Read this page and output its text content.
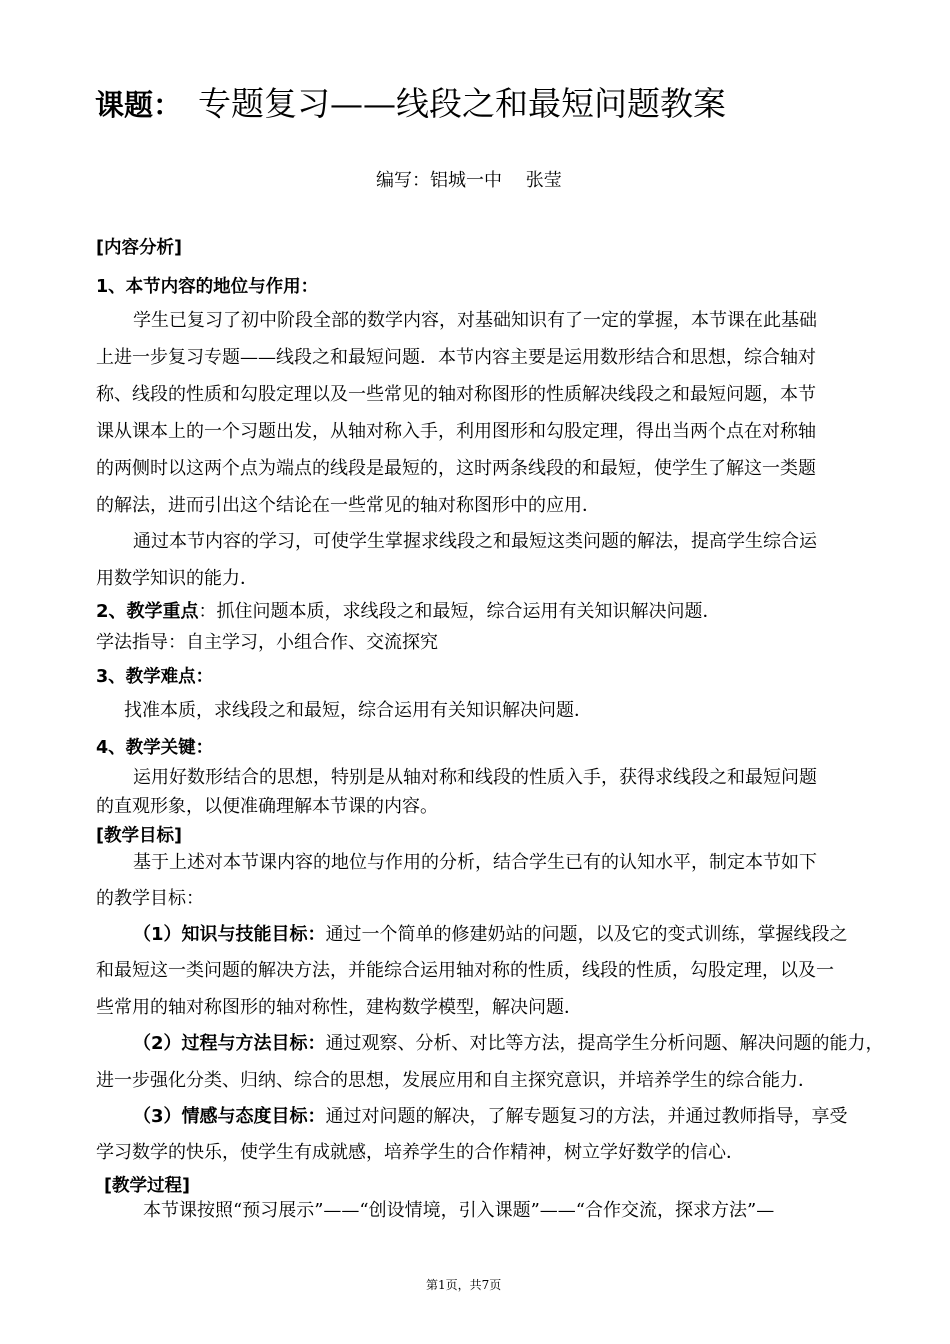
课题： 专题复习——线段之和最短问题教案
编写：铝城一中　 张莹
[内容分析]
1、本节内容的地位与作用：
学生已复习了初中阶段全部的数学内容，对基础知识有了一定的掌握，本节课在此基础
上进一步复习专题——线段之和最短问题．本节内容主要是运用数形结合和思想，综合轴对
称、线段的性质和勾股定理以及一些常见的轴对称图形的性质解决线段之和最短问题，本节
课从课本上的一个习题出发，从轴对称入手，利用图形和勾股定理，得出当两个点在对称轴
的两侧时以这两个点为端点的线段是最短的，这时两条线段的和最短，使学生了解这一类题
的解法，进而引出这个结论在一些常见的轴对称图形中的应用．
通过本节内容的学习，可使学生掌握求线段之和最短这类问题的解法，提高学生综合运
用数学知识的能力．
2、教学重点：抓住问题本质，求线段之和最短，综合运用有关知识解决问题．
学法指导：自主学习，小组合作、交流探究
3、教学难点：
找准本质，求线段之和最短，综合运用有关知识解决问题．
4、教学关键：
运用好数形结合的思想，特别是从轴对称和线段的性质入手，获得求线段之和最短问题
的直观形象，以便准确理解本节课的内容。
[教学目标]
基于上述对本节课内容的地位与作用的分析，结合学生已有的认知水平，制定本节如下
的教学目标：
（1）知识与技能目标：通过一个简单的修建奶站的问题，以及它的变式训练，掌握线段之
和最短这一类问题的解决方法，并能综合运用轴对称的性质，线段的性质，勾股定理，以及一
些常用的轴对称图形的轴对称性，建构数学模型，解决问题．
（2）过程与方法目标：通过观察、分析、对比等方法，提高学生分析问题、解决问题的能力，
进一步强化分类、归纳、综合的思想，发展应用和自主探究意识，并培养学生的综合能力．
（3）情感与态度目标：通过对问题的解决，了解专题复习的方法，并通过教师指导，享受
学习数学的快乐，使学生有成就感，培养学生的合作精神，树立学好数学的信心．
[教学过程]
本节课按照“预习展示”——“创设情境，引入课题”——“合作交流，探求方法”—
第1页，共7页
